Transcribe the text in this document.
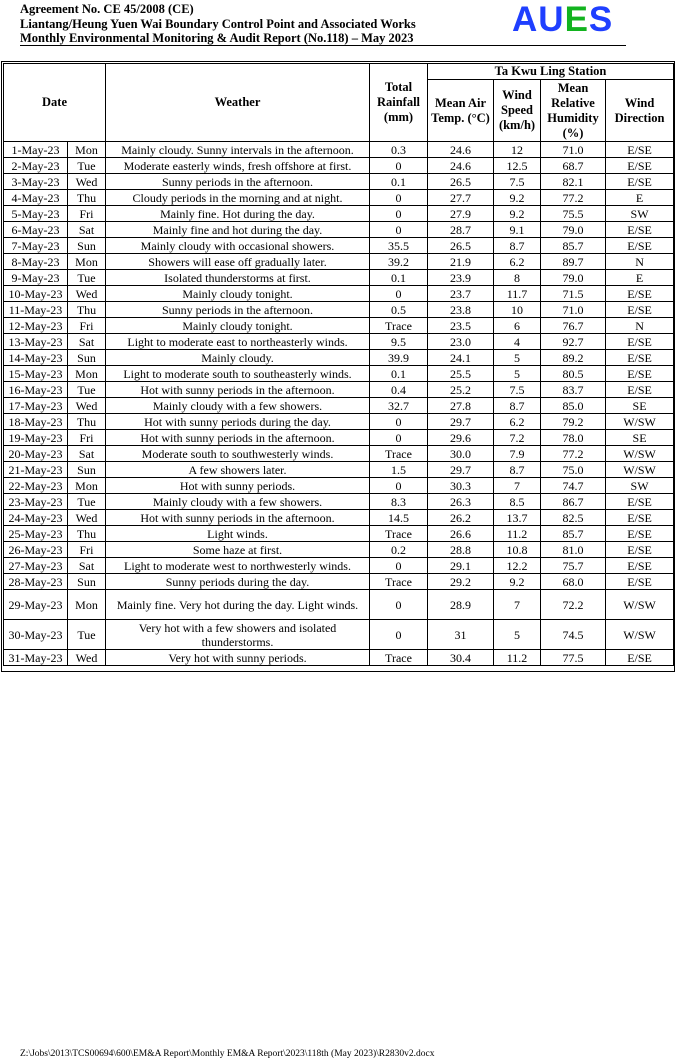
Agreement No. CE 45/2008 (CE)
Liantang/Heung Yuen Wai Boundary Control Point and Associated Works
Monthly Environmental Monitoring & Audit Report (No.118) – May 2023	AUES
Date		Weather	Total Rainfall (mm)	Ta Kwu Ling Station			
				Mean Air Temp. (°C)	Wind Speed (km/h)	Mean Relative Humidity (%)	Wind Direction
1-May-23	Mon	Mainly cloudy. Sunny intervals in the afternoon.	0.3	24.6	12	71.0	E/SE
2-May-23	Tue	Moderate easterly winds, fresh offshore at first.	0	24.6	12.5	68.7	E/SE
3-May-23	Wed	Sunny periods in the afternoon.	0.1	26.5	7.5	82.1	E/SE
4-May-23	Thu	Cloudy periods in the morning and at night.	0	27.7	9.2	77.2	E
5-May-23	Fri	Mainly fine. Hot during the day.	0	27.9	9.2	75.5	SW
6-May-23	Sat	Mainly fine and hot during the day.	0	28.7	9.1	79.0	E/SE
7-May-23	Sun	Mainly cloudy with occasional showers.	35.5	26.5	8.7	85.7	E/SE
8-May-23	Mon	Showers will ease off gradually later.	39.2	21.9	6.2	89.7	N
9-May-23	Tue	Isolated thunderstorms at first.	0.1	23.9	8	79.0	E
10-May-23	Wed	Mainly cloudy tonight.	0	23.7	11.7	71.5	E/SE
11-May-23	Thu	Sunny periods in the afternoon.	0.5	23.8	10	71.0	E/SE
12-May-23	Fri	Mainly cloudy tonight.	Trace	23.5	6	76.7	N
13-May-23	Sat	Light to moderate east to northeasterly winds.	9.5	23.0	4	92.7	E/SE
14-May-23	Sun	Mainly cloudy.	39.9	24.1	5	89.2	E/SE
15-May-23	Mon	Light to moderate south to southeasterly winds.	0.1	25.5	5	80.5	E/SE
16-May-23	Tue	Hot with sunny periods in the afternoon.	0.4	25.2	7.5	83.7	E/SE
17-May-23	Wed	Mainly cloudy with a few showers.	32.7	27.8	8.7	85.0	SE
18-May-23	Thu	Hot with sunny periods during the day.	0	29.7	6.2	79.2	W/SW
19-May-23	Fri	Hot with sunny periods in the afternoon.	0	29.6	7.2	78.0	SE
20-May-23	Sat	Moderate south to southwesterly winds.	Trace	30.0	7.9	77.2	W/SW
21-May-23	Sun	A few showers later.	1.5	29.7	8.7	75.0	W/SW
22-May-23	Mon	Hot with sunny periods.	0	30.3	7	74.7	SW
23-May-23	Tue	Mainly cloudy with a few showers.	8.3	26.3	8.5	86.7	E/SE
24-May-23	Wed	Hot with sunny periods in the afternoon.	14.5	26.2	13.7	82.5	E/SE
25-May-23	Thu	Light winds.	Trace	26.6	11.2	85.7	E/SE
26-May-23	Fri	Some haze at first.	0.2	28.8	10.8	81.0	E/SE
27-May-23	Sat	Light to moderate west to northwesterly winds.	0	29.1	12.2	75.7	E/SE
28-May-23	Sun	Sunny periods during the day.	Trace	29.2	9.2	68.0	E/SE
29-May-23	Mon	Mainly fine. Very hot during the day. Light winds.	0	28.9	7	72.2	W/SW
30-May-23	Tue	Very hot with a few showers and isolated thunderstorms.	0	31	5	74.5	W/SW
31-May-23	Wed	Very hot with sunny periods.	Trace	30.4	11.2	77.5	E/SE
Z:\Jobs\2013\TCS00694\600\EM&A Report\Monthly EM&A Report\2023\118th (May 2023)\R2830v2.docx
